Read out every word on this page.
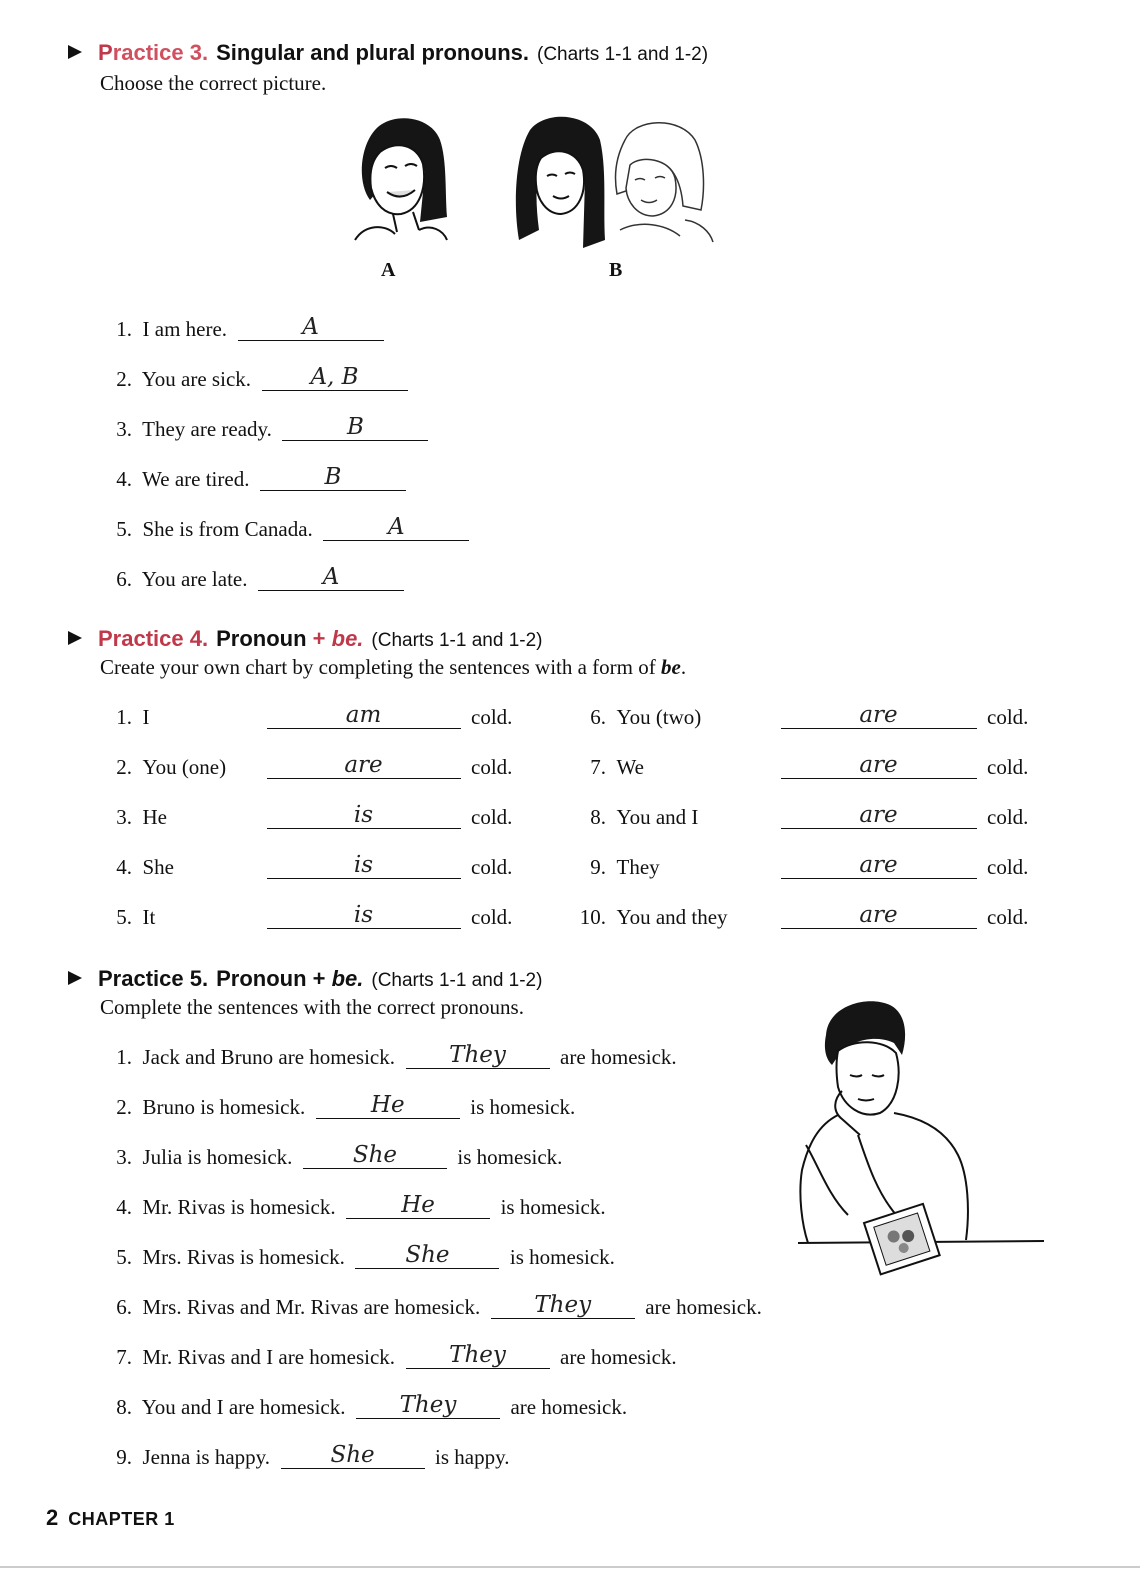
Practice 3. Singular and plural pronouns. (Charts 1-1 and 1-2)
Choose the correct picture.
A	B
1. I am here.	A
2. You are sick.	A, B
3. They are ready.	B
4. We are tired.	B
5. She is from Canada.	A
6. You are late.	A
Practice 4. Pronoun + be. (Charts 1-1 and 1-2)
Create your own chart by completing the sentences with a form of be.
1. I	am	cold.
2. You (one)	are	cold.
3. He	is	cold.
4. She	is	cold.
5. It	is	cold.
6. You (two)	are	cold.
7. We	are	cold.
8. You and I	are	cold.
9. They	are	cold.
10. You and they	are	cold.
Practice 5. Pronoun + be. (Charts 1-1 and 1-2)
Complete the sentences with the correct pronouns.
1. Jack and Bruno are homesick. They	are homesick.
2. Bruno is homesick.	He	is homesick.
3. Julia is homesick.	She	is homesick.
4. Mr. Rivas is homesick.	He	is homesick.
5. Mrs. Rivas is homesick.	She	is homesick.
6. Mrs. Rivas and Mr. Rivas are homesick. They	are homesick.
7. Mr. Rivas and I are homesick. They	are homesick.
8. You and I are homesick. They	are homesick.
9. Jenna is happy.	She	is happy.
2 CHAPTER 1
